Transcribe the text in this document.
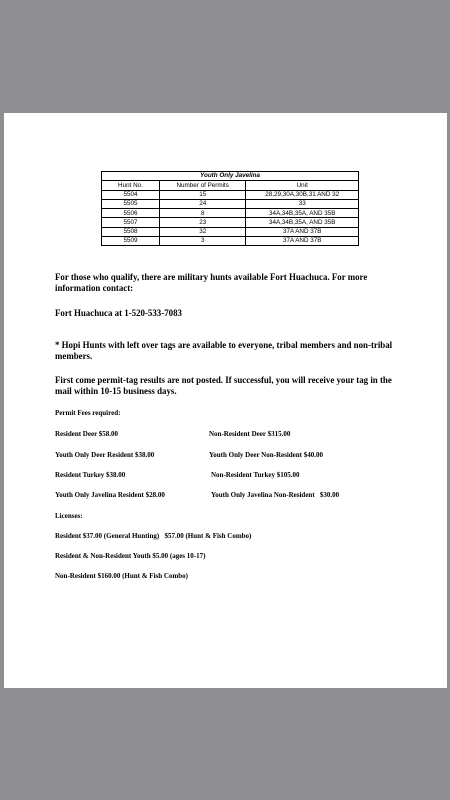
Youth Only Javelina		
Hunt No.	Number of Permits	Unit
5504	15	28,29,30A,30B,31 AND 32
5505	24	33
5506	8	34A,34B,35A, AND 35B
5507	23	34A,34B,35A, AND 35B
5508	32	37A AND 37B
5509	3	37A AND 37B

For those who qualify, there are military hunts available Fort Huachuca. For more information contact:

Fort Huachuca at 1-520-533-7083

* Hopi Hunts with left over tags are available to everyone, tribal members and non-tribal members.

First come permit-tag results are not posted. If successful, you will receive your tag in the mail within 10-15 business days.

Permit Fees required:

Resident Deer $58.00	Non-Resident Deer $315.00

Youth Only Deer Resident $38.00	Youth Only Deer Non-Resident $40.00

Resident Turkey $38.00	Non-Resident Turkey $105.00

Youth Only Javelina Resident $28.00	Youth Only Javelina Non-Resident   $30.00

Licenses:

Resident $37.00 (General Hunting)   $57.00 (Hunt & Fish Combo)

Resident & Non-Resident Youth $5.00 (ages 10-17)

Non-Resident $160.00 (Hunt & Fish Combo)
